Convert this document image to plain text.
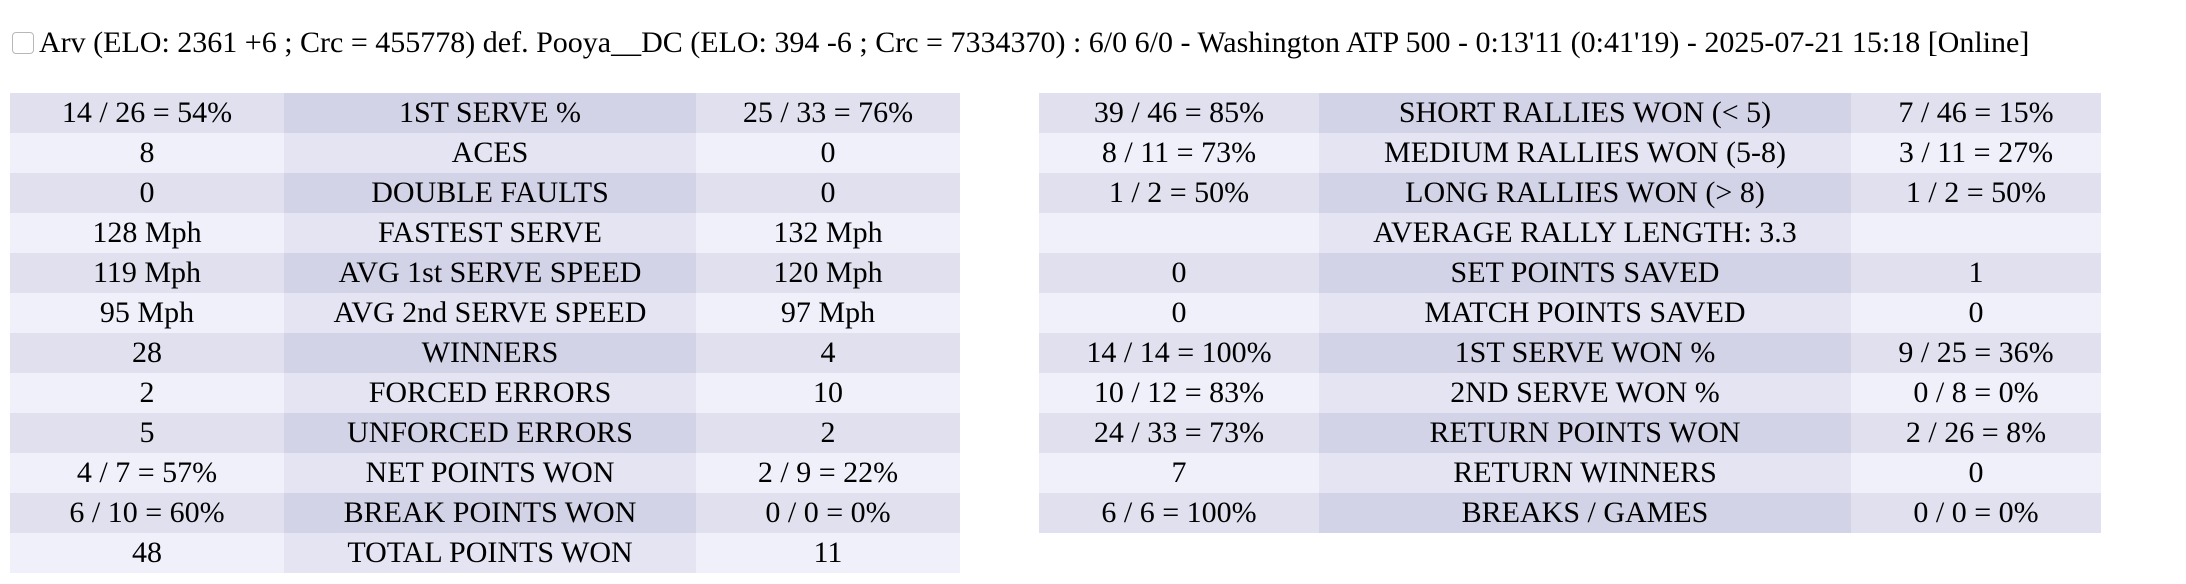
Arv (ELO: 2361 +6 ; Crc = 455778) def. Pooya__DC (ELO: 394 -6 ; Crc = 7334370) : 6/0 6/0 - Washington ATP 500 - 0:13'11 (0:41'19) - 2025-07-21 15:18 [Online]
14 / 26 = 54%	1ST SERVE %	25 / 33 = 76%
8	ACES	0
0	DOUBLE FAULTS	0
128 Mph	FASTEST SERVE	132 Mph
119 Mph	AVG 1st SERVE SPEED	120 Mph
95 Mph	AVG 2nd SERVE SPEED	97 Mph
28	WINNERS	4
2	FORCED ERRORS	10
5	UNFORCED ERRORS	2
4 / 7 = 57%	NET POINTS WON	2 / 9 = 22%
6 / 10 = 60%	BREAK POINTS WON	0 / 0 = 0%
48	TOTAL POINTS WON	11
39 / 46 = 85%	SHORT RALLIES WON (< 5)	7 / 46 = 15%
8 / 11 = 73%	MEDIUM RALLIES WON (5-8)	3 / 11 = 27%
1 / 2 = 50%	LONG RALLIES WON (> 8)	1 / 2 = 50%
	AVERAGE RALLY LENGTH: 3.3	
0	SET POINTS SAVED	1
0	MATCH POINTS SAVED	0
14 / 14 = 100%	1ST SERVE WON %	9 / 25 = 36%
10 / 12 = 83%	2ND SERVE WON %	0 / 8 = 0%
24 / 33 = 73%	RETURN POINTS WON	2 / 26 = 8%
7	RETURN WINNERS	0
6 / 6 = 100%	BREAKS / GAMES	0 / 0 = 0%
